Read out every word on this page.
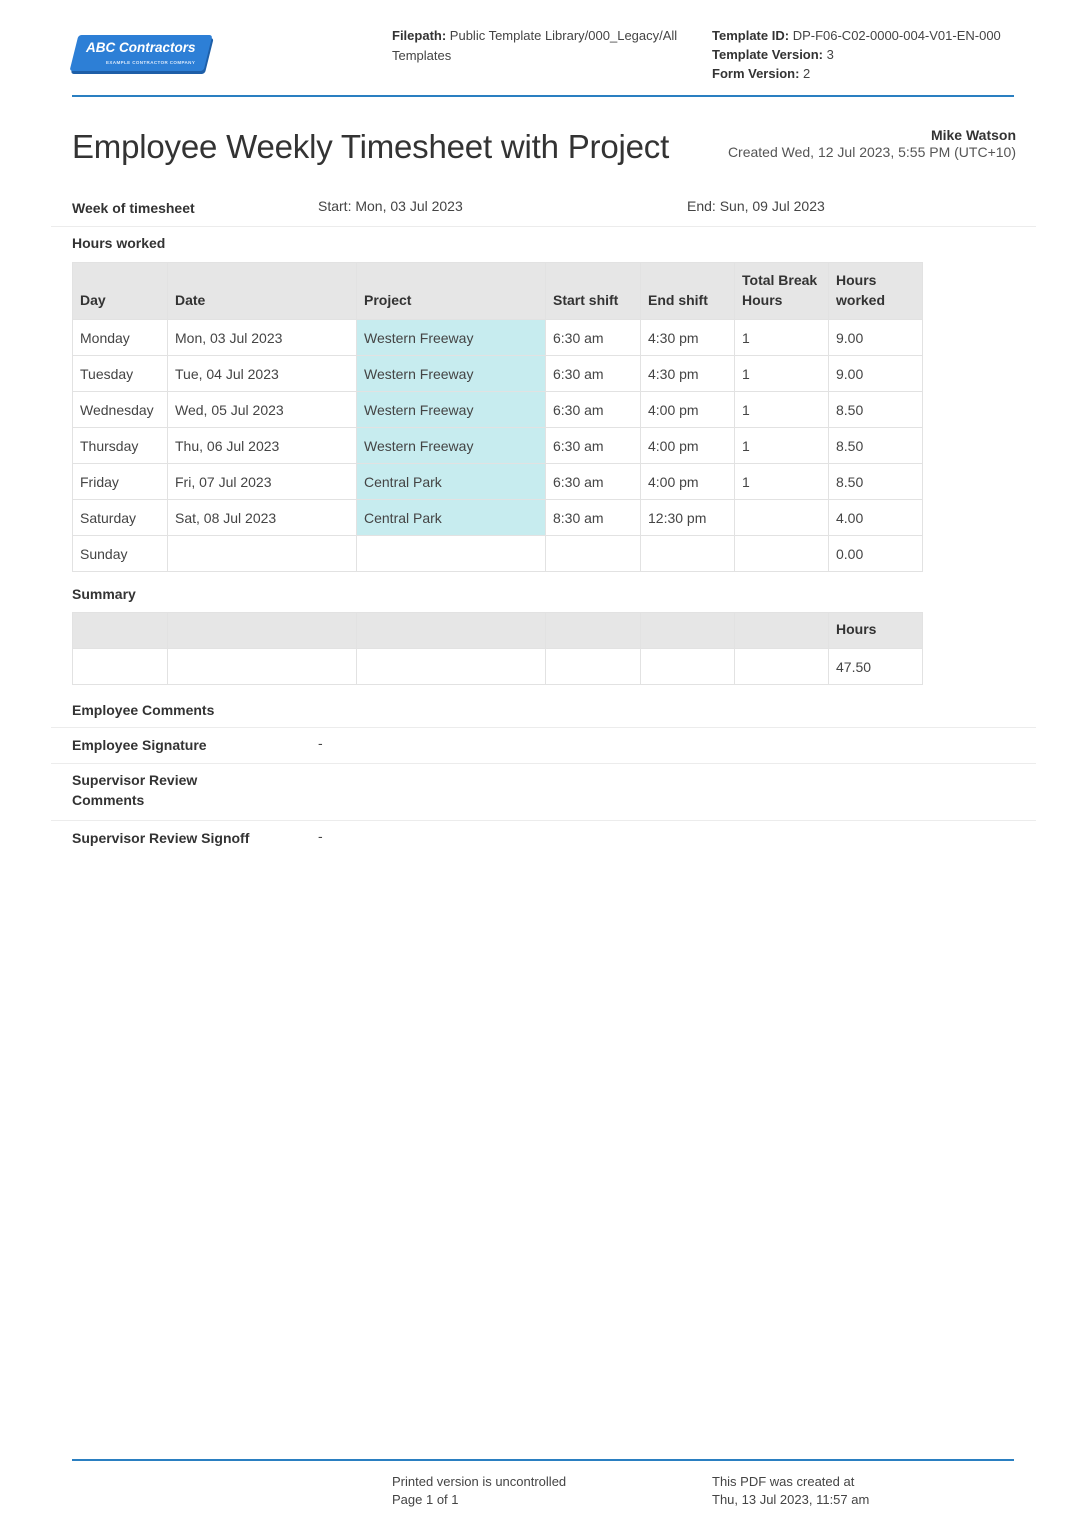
ABC Contractors
EXAMPLE CONTRACTOR COMPANY
Filepath: Public Template Library/000_Legacy/All Templates
Template ID: DP-F06-C02-0000-004-V01-EN-000
Template Version: 3
Form Version: 2
Employee Weekly Timesheet with Project	Mike Watson
Created Wed, 12 Jul 2023, 5:55 PM (UTC+10)
Week of timesheet	Start: Mon, 03 Jul 2023	End: Sun, 09 Jul 2023
Hours worked
Day	Date	Project	Start shift	End shift	Total Break Hours	Hours worked
Monday	Mon, 03 Jul 2023	Western Freeway	6:30 am	4:30 pm	1	9.00
Tuesday	Tue, 04 Jul 2023	Western Freeway	6:30 am	4:30 pm	1	9.00
Wednesday	Wed, 05 Jul 2023	Western Freeway	6:30 am	4:00 pm	1	8.50
Thursday	Thu, 06 Jul 2023	Western Freeway	6:30 am	4:00 pm	1	8.50
Friday	Fri, 07 Jul 2023	Central Park	6:30 am	4:00 pm	1	8.50
Saturday	Sat, 08 Jul 2023	Central Park	8:30 am	12:30 pm		4.00
Sunday						0.00
Summary
						Hours
						47.50
Employee Comments
Employee Signature	-
Supervisor Review Comments
Supervisor Review Signoff	-
Printed version is uncontrolled
Page 1 of 1
This PDF was created at
Thu, 13 Jul 2023, 11:57 am
